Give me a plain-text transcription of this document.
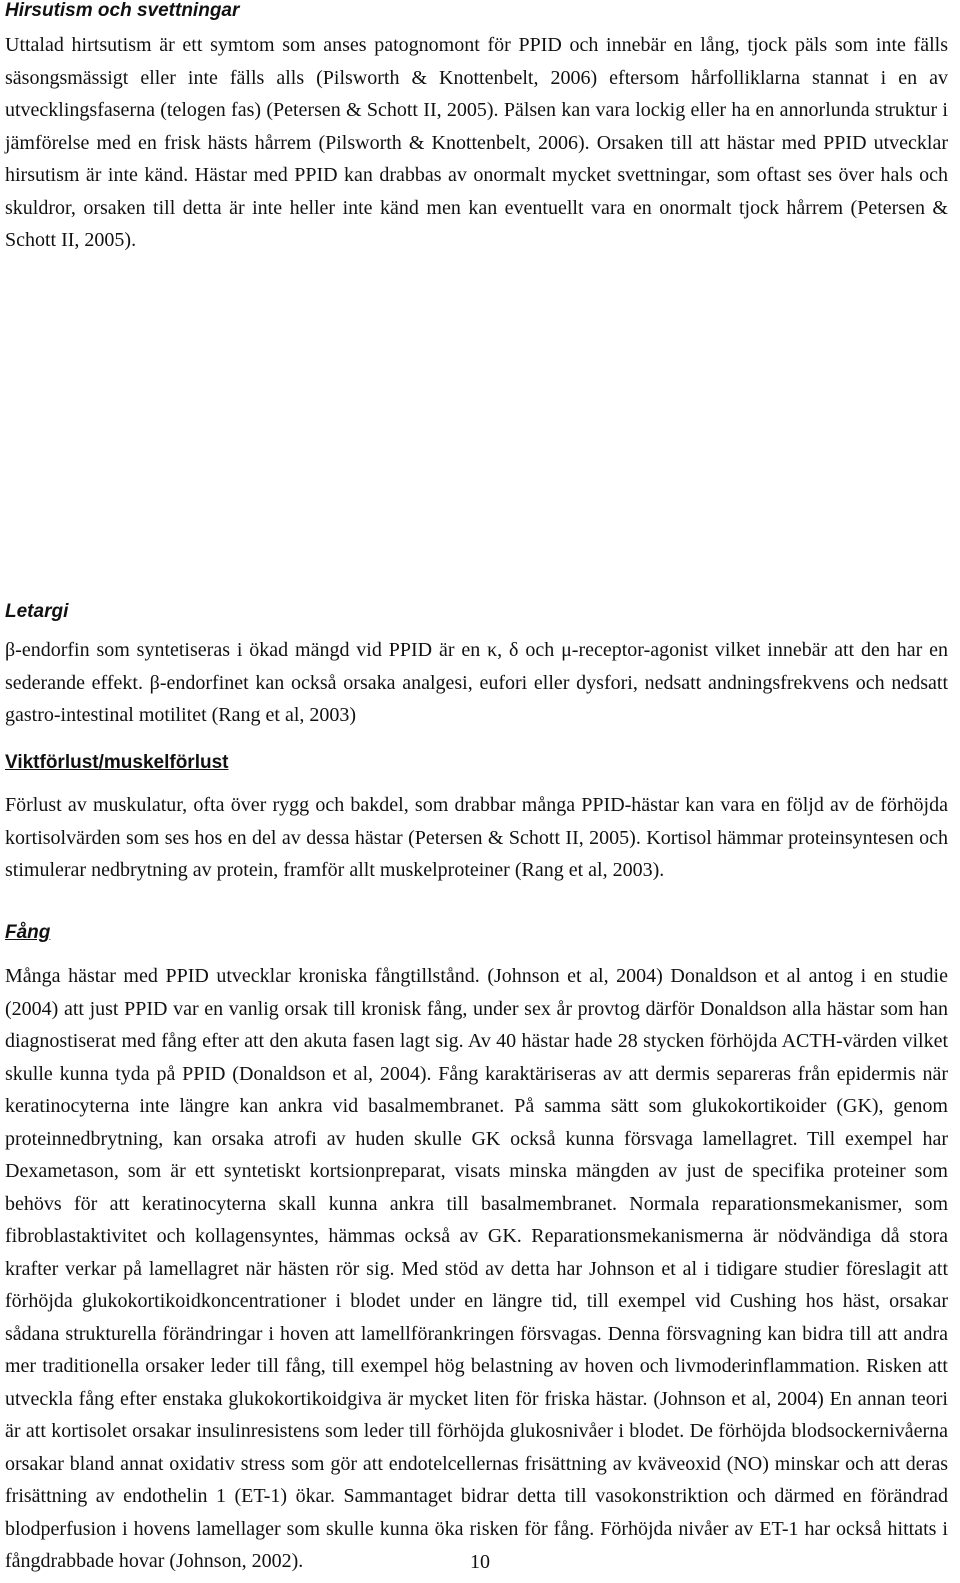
Hirsutism och svettningar

Uttalad hirtsutism är ett symtom som anses patognomont för PPID och innebär en lång, tjock päls som inte fälls säsongsmässigt eller inte fälls alls (Pilsworth & Knottenbelt, 2006) eftersom hårfolliklarna stannat i en av utvecklingsfaserna (telogen fas) (Petersen & Schott II, 2005). Pälsen kan vara lockig eller ha en annorlunda struktur i jämförelse med en frisk hästs hårrem (Pilsworth & Knottenbelt, 2006). Orsaken till att hästar med PPID utvecklar hirsutism är inte känd. Hästar med PPID kan drabbas av onormalt mycket svettningar, som oftast ses över hals och skuldror, orsaken till detta är inte heller inte känd men kan eventuellt vara en onormalt tjock hårrem (Petersen & Schott II, 2005).

Letargi

β-endorfin som syntetiseras i ökad mängd vid PPID är en κ, δ och μ-receptor-agonist vilket innebär att den har en sederande effekt. β-endorfinet kan också orsaka analgesi, eufori eller dysfori, nedsatt andningsfrekvens och nedsatt gastro-intestinal motilitet (Rang et al, 2003)

Viktförlust/muskelförlust

Förlust av muskulatur, ofta över rygg och bakdel, som drabbar många PPID-hästar kan vara en följd av de förhöjda kortisolvärden som ses hos en del av dessa hästar (Petersen & Schott II, 2005). Kortisol hämmar proteinsyntesen och stimulerar nedbrytning av protein, framför allt muskelproteiner (Rang et al, 2003).

Fång

Många hästar med PPID utvecklar kroniska fångtillstånd. (Johnson et al, 2004) Donaldson et al antog i en studie (2004) att just PPID var en vanlig orsak till kronisk fång, under sex år provtog därför Donaldson alla hästar som han diagnostiserat med fång efter att den akuta fasen lagt sig. Av 40 hästar hade 28 stycken förhöjda ACTH-värden vilket skulle kunna tyda på PPID (Donaldson et al, 2004). Fång karaktäriseras av att dermis separeras från epidermis när keratinocyterna inte längre kan ankra vid basalmembranet. På samma sätt som glukokortikoider (GK), genom proteinnedbrytning, kan orsaka atrofi av huden skulle GK också kunna försvaga lamellagret. Till exempel har Dexametason, som är ett syntetiskt kortsionpreparat, visats minska mängden av just de specifika proteiner som behövs för att keratinocyterna skall kunna ankra till basalmembranet. Normala reparationsmekanismer, som fibroblastaktivitet och kollagensyntes, hämmas också av GK. Reparationsmekanismerna är nödvändiga då stora krafter verkar på lamellagret när hästen rör sig. Med stöd av detta har Johnson et al i tidigare studier föreslagit att förhöjda glukokortikoidkoncentrationer i blodet under en längre tid, till exempel vid Cushing hos häst, orsakar sådana strukturella förändringar i hoven att lamellförankringen försvagas. Denna försvagning kan bidra till att andra mer traditionella orsaker leder till fång, till exempel hög belastning av hoven och livmoderinflammation. Risken att utveckla fång efter enstaka glukokortikoidgiva är mycket liten för friska hästar. (Johnson et al, 2004) En annan teori är att kortisolet orsakar insulinresistens som leder till förhöjda glukosnivåer i blodet. De förhöjda blodsockernivåerna orsakar bland annat oxidativ stress som gör att endotelcellernas frisättning av kväveoxid (NO) minskar och att deras frisättning av endothelin 1 (ET-1) ökar. Sammantaget bidrar detta till vasokonstriktion och därmed en förändrad blodperfusion i hovens lamellager som skulle kunna öka risken för fång. Förhöjda nivåer av ET-1 har också hittats i fångdrabbade hovar (Johnson, 2002).	10
